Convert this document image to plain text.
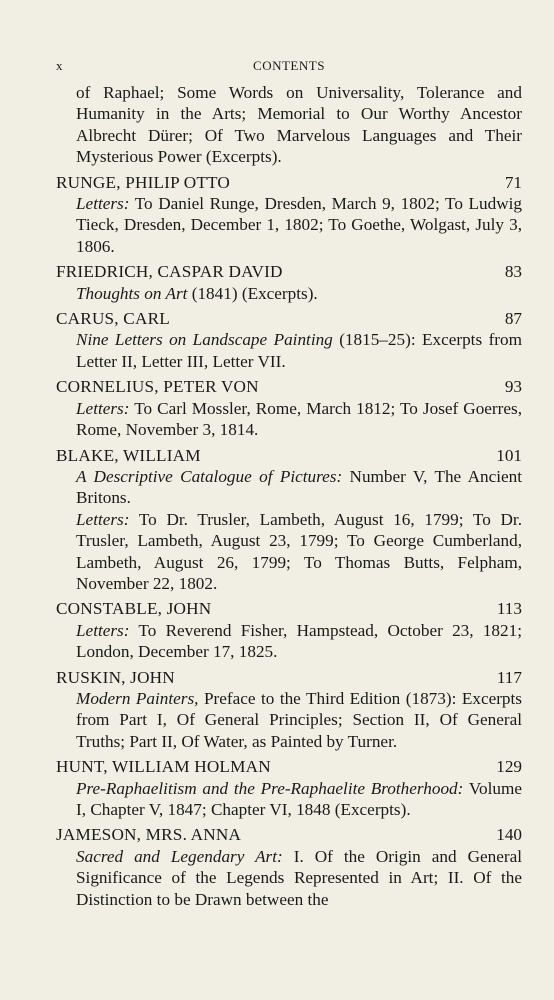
x	CONTENTS
of Raphael; Some Words on Universality, Tolerance and Humanity in the Arts; Memorial to Our Worthy Ancestor Albrecht Dürer; Of Two Marvelous Languages and Their Mysterious Power (Excerpts).
RUNGE, PHILIP OTTO	71

Letters: To Daniel Runge, Dresden, March 9, 1802; To Ludwig Tieck, Dresden, December 1, 1802; To Goethe, Wolgast, July 3, 1806.

FRIEDRICH, CASPAR DAVID	83

Thoughts on Art (1841) (Excerpts).

CARUS, CARL	87

Nine Letters on Landscape Painting (1815–25): Excerpts from Letter II, Letter III, Letter VII.

CORNELIUS, PETER VON	93

Letters: To Carl Mossler, Rome, March 1812; To Josef Goerres, Rome, November 3, 1814.

BLAKE, WILLIAM	101

A Descriptive Catalogue of Pictures: Number V, The Ancient Britons.

Letters: To Dr. Trusler, Lambeth, August 16, 1799; To Dr. Trusler, Lambeth, August 23, 1799; To George Cumberland, Lambeth, August 26, 1799; To Thomas Butts, Felpham, November 22, 1802.

CONSTABLE, JOHN	113

Letters: To Reverend Fisher, Hampstead, October 23, 1821; London, December 17, 1825.

RUSKIN, JOHN	117

Modern Painters, Preface to the Third Edition (1873): Excerpts from Part I, Of General Principles; Section II, Of General Truths; Part II, Of Water, as Painted by Turner.

HUNT, WILLIAM HOLMAN	129

Pre-Raphaelitism and the Pre-Raphaelite Brotherhood: Volume I, Chapter V, 1847; Chapter VI, 1848 (Excerpts).

JAMESON, MRS. ANNA	140

Sacred and Legendary Art: I. Of the Origin and General Significance of the Legends Represented in Art; II. Of the Distinction to be Drawn between the
